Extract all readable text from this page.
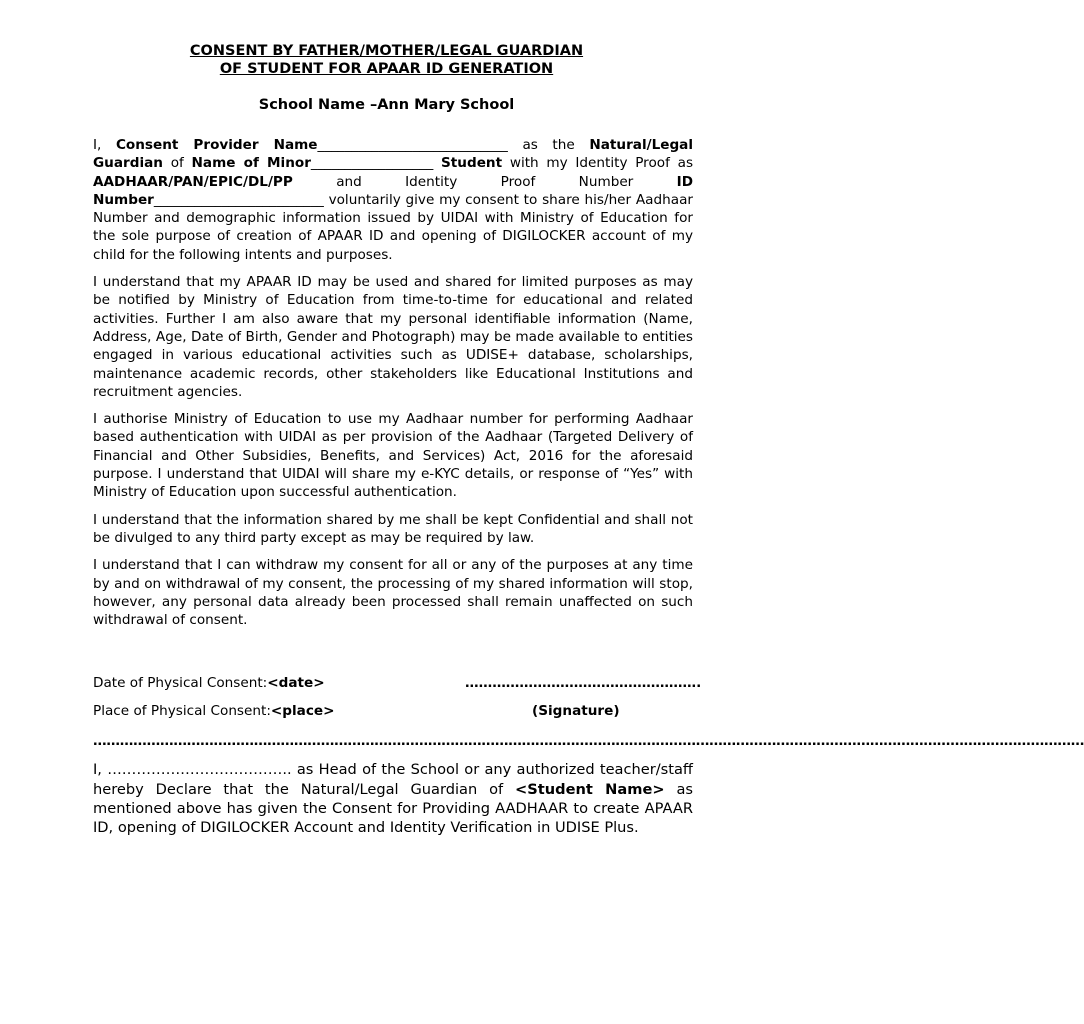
CONSENT BY FATHER/MOTHER/LEGAL GUARDIAN
OF STUDENT FOR APAAR ID GENERATION
School Name –Ann Mary School
I, Consent Provider Name____________________________ as the Natural/Legal Guardian of Name of Minor__________________ Student with my Identity Proof as AADHAAR/PAN/EPIC/DL/PP	and Identity Proof Number	ID Number_________________________ voluntarily give my consent to share his/her Aadhaar Number and demographic information issued by UIDAI with Ministry of Education for the sole purpose of creation of APAAR ID and opening of DIGILOCKER account of my child for the following intents and purposes.
I understand that my APAAR ID may be used and shared for limited purposes as may be notified by Ministry of Education from time-to-time for educational and related activities. Further I am also aware that my personal identifiable information (Name, Address, Age, Date of Birth, Gender and Photograph) may be made available to entities engaged in various educational activities such as UDISE+ database, scholarships, maintenance academic records, other stakeholders like Educational Institutions and recruitment agencies.
I authorise Ministry of Education to use my Aadhaar number for performing Aadhaar based authentication with UIDAI as per provision of the Aadhaar (Targeted Delivery of Financial and Other Subsidies, Benefits, and Services) Act, 2016 for the aforesaid purpose. I understand that UIDAI will share my e-KYC details, or response of “Yes” with Ministry of Education upon successful authentication.
I understand that the information shared by me shall be kept Confidential and shall not be divulged to any third party except as may be required by law.
I understand that I can withdraw my consent for all or any of the purposes at any time by and on withdrawal of my consent, the processing of my shared information will stop, however, any personal data already been processed shall remain unaffected on such withdrawal of consent.
Date of Physical Consent:<date>	…………………………………………….
Place of Physical Consent:<place>	(Signature)
……………………………………………………………………………………………………………………………………………………………………………………………………
I, ……………………………….. as Head of the School or any authorized teacher/staff hereby Declare that the Natural/Legal Guardian of <Student Name> as mentioned above has given the Consent for Providing AADHAAR to create APAAR ID, opening of DIGILOCKER Account and Identity Verification in UDISE Plus.
